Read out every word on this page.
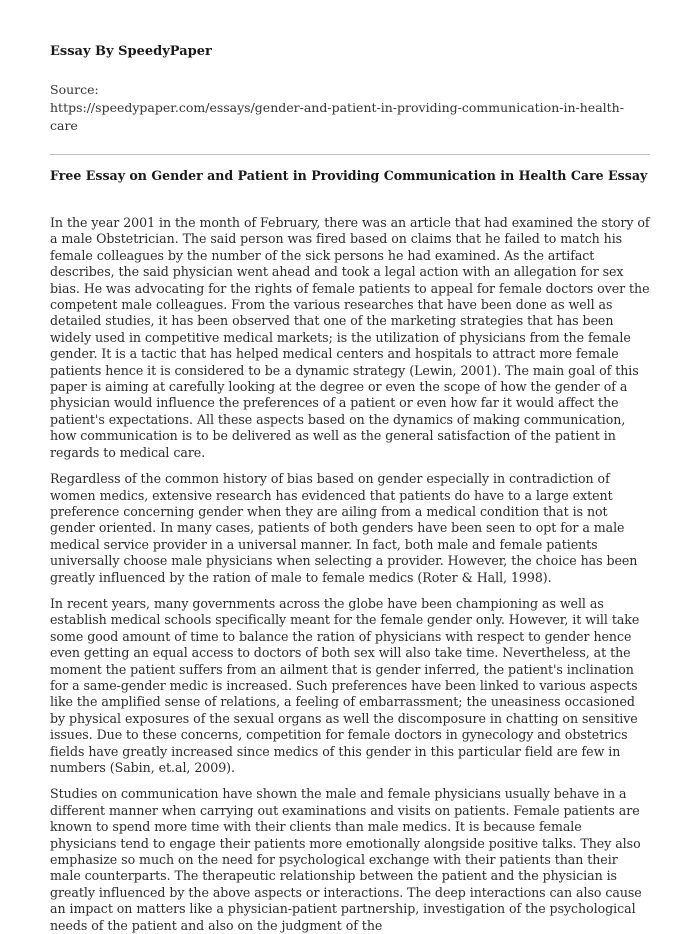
Essay By SpeedyPaper
Source:
https://speedypaper.com/essays/gender-and-patient-in-providing-communication-in-health-care
Free Essay on Gender and Patient in Providing Communication in Health Care Essay

In the year 2001 in the month of February, there was an article that had examined the story of a male Obstetrician. The said person was fired based on claims that he failed to match his female colleagues by the number of the sick persons he had examined. As the artifact describes, the said physician went ahead and took a legal action with an allegation for sex bias. He was advocating for the rights of female patients to appeal for female doctors over the competent male colleagues. From the various researches that have been done as well as detailed studies, it has been observed that one of the marketing strategies that has been widely used in competitive medical markets; is the utilization of physicians from the female gender. It is a tactic that has helped medical centers and hospitals to attract more female patients hence it is considered to be a dynamic strategy (Lewin, 2001). The main goal of this paper is aiming at carefully looking at the degree or even the scope of how the gender of a physician would influence the preferences of a patient or even how far it would affect the patient's expectations. All these aspects based on the dynamics of making communication, how communication is to be delivered as well as the general satisfaction of the patient in regards to medical care.

Regardless of the common history of bias based on gender especially in contradiction of women medics, extensive research has evidenced that patients do have to a large extent preference concerning gender when they are ailing from a medical condition that is not gender oriented. In many cases, patients of both genders have been seen to opt for a male medical service provider in a universal manner. In fact, both male and female patients universally choose male physicians when selecting a provider. However, the choice has been greatly influenced by the ration of male to female medics (Roter & Hall, 1998).

In recent years, many governments across the globe have been championing as well as establish medical schools specifically meant for the female gender only. However, it will take some good amount of time to balance the ration of physicians with respect to gender hence even getting an equal access to doctors of both sex will also take time. Nevertheless, at the moment the patient suffers from an ailment that is gender inferred, the patient's inclination for a same-gender medic is increased. Such preferences have been linked to various aspects like the amplified sense of relations, a feeling of embarrassment; the uneasiness occasioned by physical exposures of the sexual organs as well the discomposure in chatting on sensitive issues. Due to these concerns, competition for female doctors in gynecology and obstetrics fields have greatly increased since medics of this gender in this particular field are few in numbers (Sabin, et.al, 2009).

Studies on communication have shown the male and female physicians usually behave in a different manner when carrying out examinations and visits on patients. Female patients are known to spend more time with their clients than male medics. It is because female physicians tend to engage their patients more emotionally alongside positive talks. They also emphasize so much on the need for psychological exchange with their patients than their male counterparts. The therapeutic relationship between the patient and the physician is greatly influenced by the above aspects or interactions. The deep interactions can also cause an impact on matters like a physician-patient partnership, investigation of the psychological needs of the patient and also on the judgment of the
